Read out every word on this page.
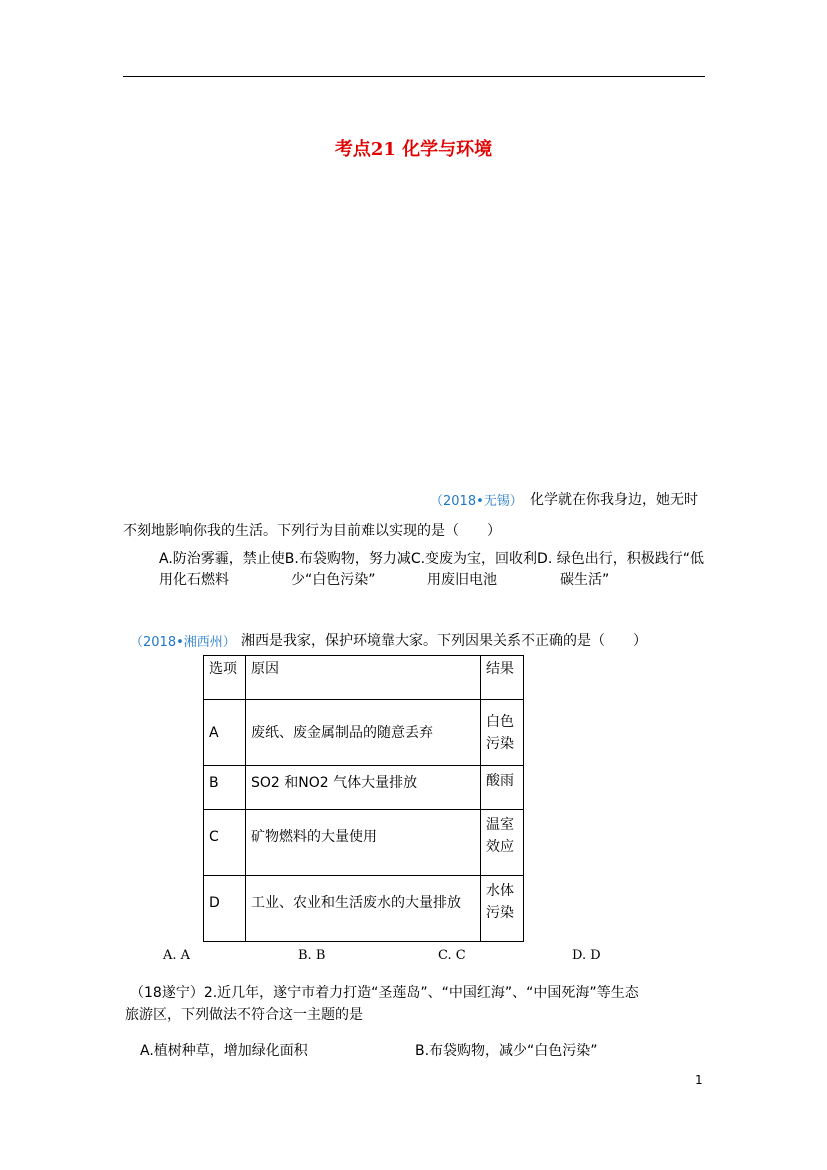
考点21 化学与环境
（2018•无锡） 化学就在你我身边，她无时
不刻地影响你我的生活。下列行为目前难以实现的是（　　）
A.防治雾霾，禁止使B.布袋购物，努力减C.变废为宝，回收利D. 绿色出行，积极践行“低
用化石燃料	少“白色污染”	用废旧电池	碳生活”
（2018•湘西州） 湘西是我家，保护环境靠大家。下列因果关系不正确的是（　　）
选项	原因	结果
A	废纸、废金属制品的随意丢弃	白色
污染

B	SO2 和NO2 气体大量排放	酸雨

C	矿物燃料的大量使用	温室
效应

D	工业、农业和生活废水的大量排放	水体
污染
A. A	B. B	C. C	D. D
（18遂宁）2.近几年，遂宁市着力打造“圣莲岛”、“中国红海”、“中国死海”等生态
旅游区，下列做法不符合这一主题的是
A.植树种草，增加绿化面积	B.布袋购物，减少“白色污染”
1
